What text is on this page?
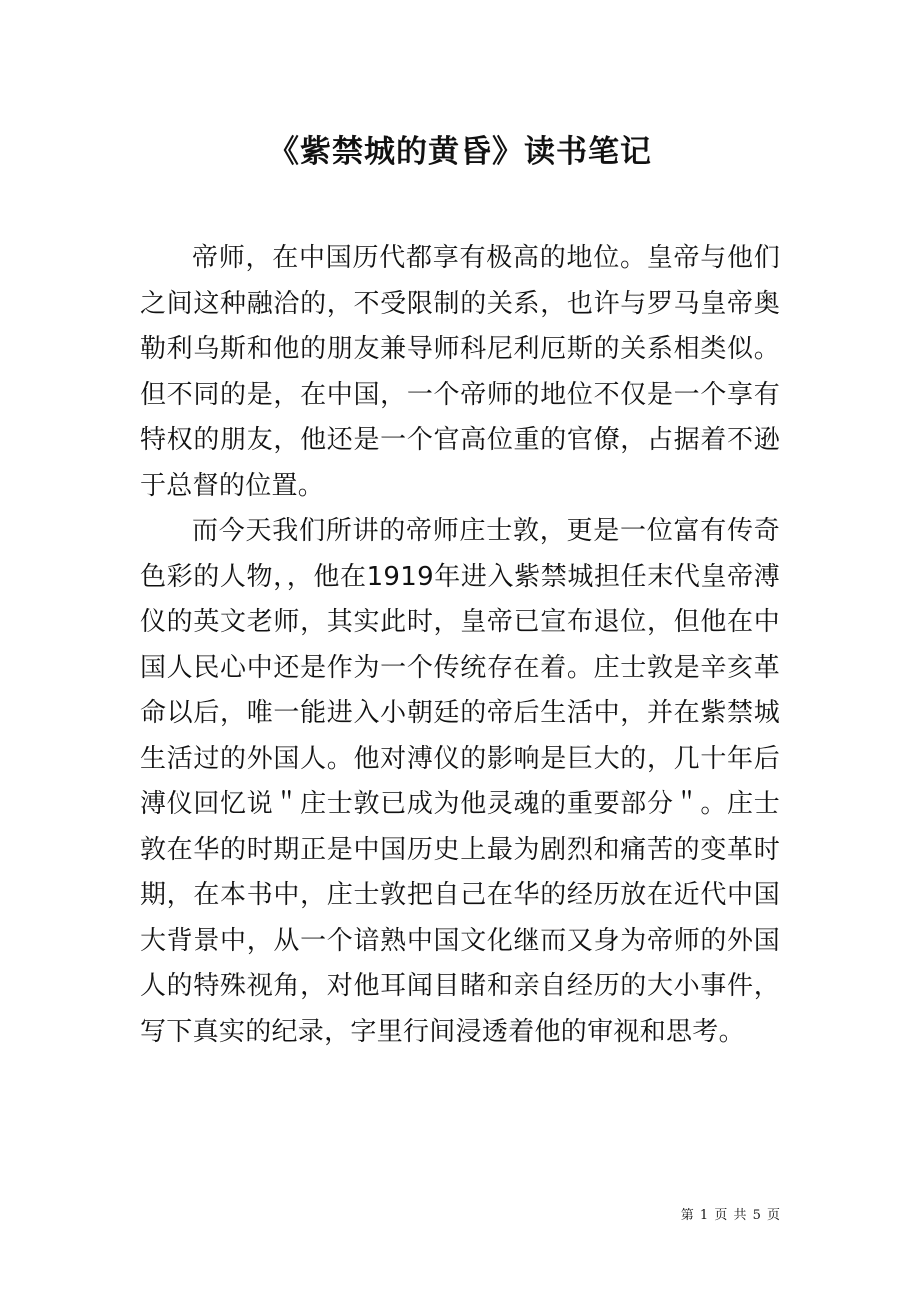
《紫禁城的黄昏》读书笔记

帝师，在中国历代都享有极高的地位。皇帝与他们之间这种融洽的，不受限制的关系，也许与罗马皇帝奥勒利乌斯和他的朋友兼导师科尼利厄斯的关系相类似。但不同的是，在中国，一个帝师的地位不仅是一个享有特权的朋友，他还是一个官高位重的官僚，占据着不逊于总督的位置。

而今天我们所讲的帝师庄士敦，更是一位富有传奇色彩的人物，，他在1919年进入紫禁城担任末代皇帝溥仪的英文老师，其实此时，皇帝已宣布退位，但他在中国人民心中还是作为一个传统存在着。庄士敦是辛亥革命以后，唯一能进入小朝廷的帝后生活中，并在紫禁城生活过的外国人。他对溥仪的影响是巨大的，几十年后溥仪回忆说＂庄士敦已成为他灵魂的重要部分＂。庄士敦在华的时期正是中国历史上最为剧烈和痛苦的变革时期，在本书中，庄士敦把自己在华的经历放在近代中国大背景中，从一个谙熟中国文化继而又身为帝师的外国人的特殊视角，对他耳闻目睹和亲自经历的大小事件，写下真实的纪录，字里行间浸透着他的审视和思考。

第 1 页 共 5 页
